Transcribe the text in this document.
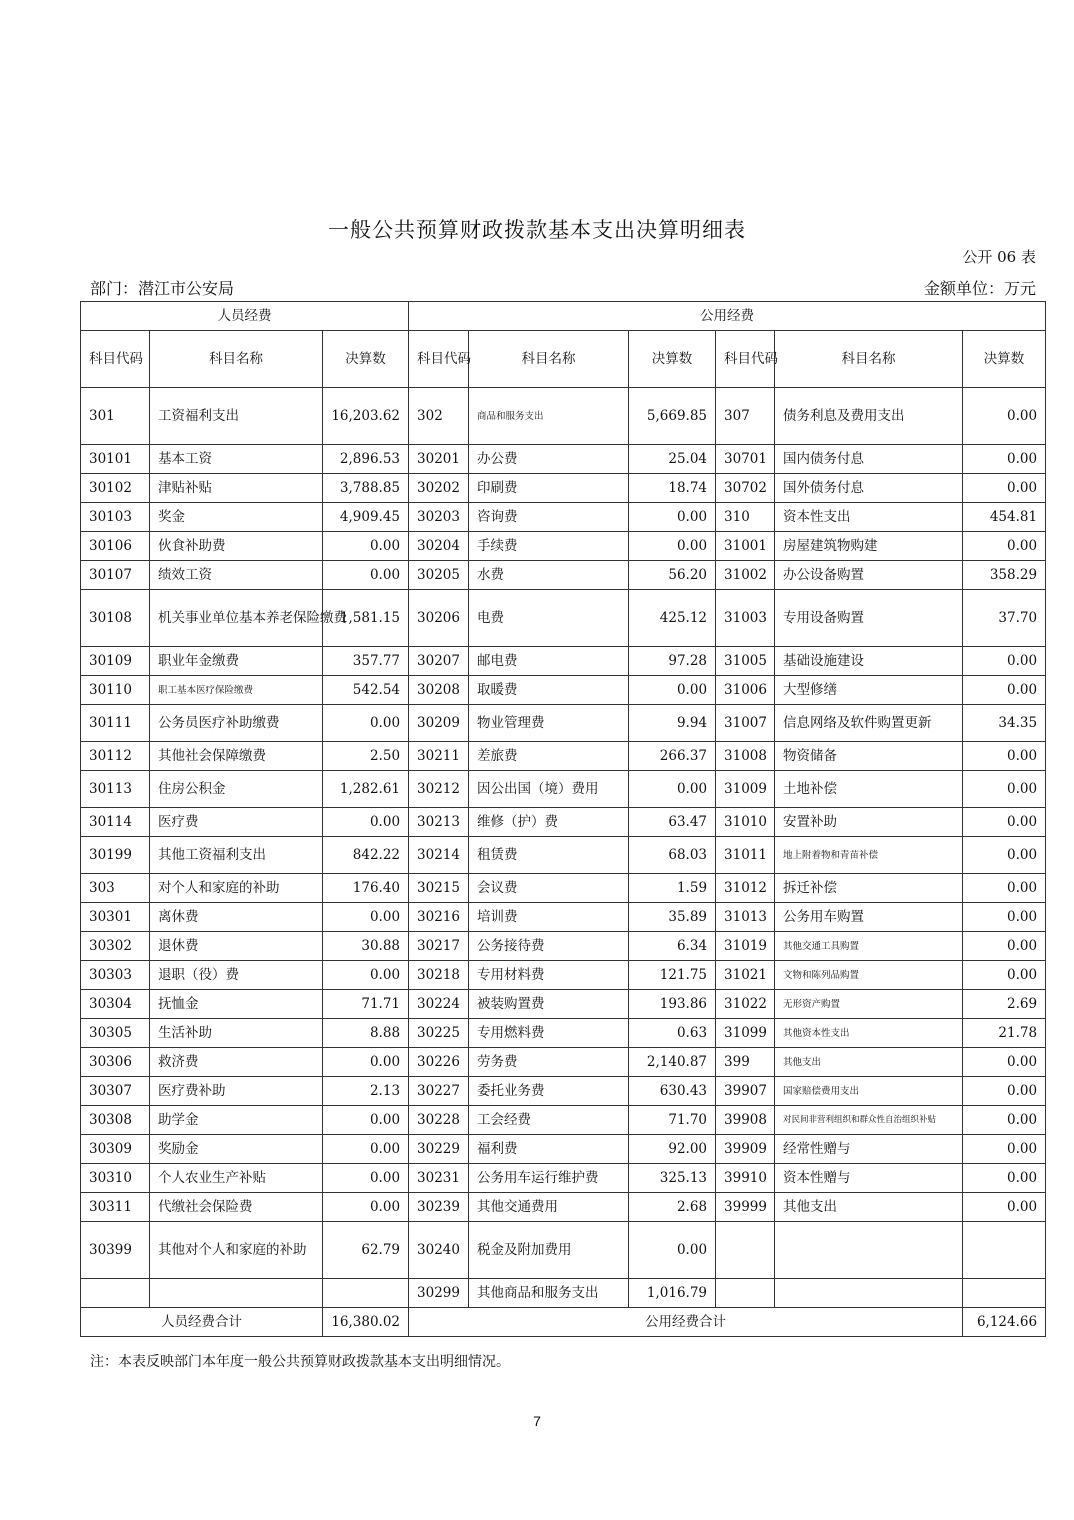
一般公共预算财政拨款基本支出决算明细表
公开 06 表
部门：潜江市公安局	金额单位：万元
人员经费			公用经费					
科目代码	科目名称	决算数	科目代码	科目名称	决算数	科目代码	科目名称	决算数
301	工资福利支出	16,203.62	302	商品和服务支出	5,669.85	307	债务利息及费用支出	0.00
30101	基本工资	2,896.53	30201	办公费	25.04	30701	国内债务付息	0.00
30102	津贴补贴	3,788.85	30202	印刷费	18.74	30702	国外债务付息	0.00
30103	奖金	4,909.45	30203	咨询费	0.00	310	资本性支出	454.81
30106	伙食补助费	0.00	30204	手续费	0.00	31001	房屋建筑物购建	0.00
30107	绩效工资	0.00	30205	水费	56.20	31002	办公设备购置	358.29
30108	机关事业单位基本养老保险缴费	1,581.15	30206	电费	425.12	31003	专用设备购置	37.70
30109	职业年金缴费	357.77	30207	邮电费	97.28	31005	基础设施建设	0.00
30110	职工基本医疗保险缴费	542.54	30208	取暖费	0.00	31006	大型修缮	0.00
30111	公务员医疗补助缴费	0.00	30209	物业管理费	9.94	31007	信息网络及软件购置更新	34.35
30112	其他社会保障缴费	2.50	30211	差旅费	266.37	31008	物资储备	0.00
30113	住房公积金	1,282.61	30212	因公出国（境）费用	0.00	31009	土地补偿	0.00
30114	医疗费	0.00	30213	维修（护）费	63.47	31010	安置补助	0.00
30199	其他工资福利支出	842.22	30214	租赁费	68.03	31011	地上附着物和青苗补偿	0.00
303	对个人和家庭的补助	176.40	30215	会议费	1.59	31012	拆迁补偿	0.00
30301	离休费	0.00	30216	培训费	35.89	31013	公务用车购置	0.00
30302	退休费	30.88	30217	公务接待费	6.34	31019	其他交通工具购置	0.00
30303	退职（役）费	0.00	30218	专用材料费	121.75	31021	文物和陈列品购置	0.00
30304	抚恤金	71.71	30224	被装购置费	193.86	31022	无形资产购置	2.69
30305	生活补助	8.88	30225	专用燃料费	0.63	31099	其他资本性支出	21.78
30306	救济费	0.00	30226	劳务费	2,140.87	399	其他支出	0.00
30307	医疗费补助	2.13	30227	委托业务费	630.43	39907	国家赔偿费用支出	0.00
30308	助学金	0.00	30228	工会经费	71.70	39908	对民间非营利组织和群众性自治组织补贴	0.00
30309	奖励金	0.00	30229	福利费	92.00	39909	经常性赠与	0.00
30310	个人农业生产补贴	0.00	30231	公务用车运行维护费	325.13	39910	资本性赠与	0.00
30311	代缴社会保险费	0.00	30239	其他交通费用	2.68	39999	其他支出	0.00
30399	其他对个人和家庭的补助	62.79	30240	税金及附加费用	0.00			
			30299	其他商品和服务支出	1,016.79			
人员经费合计		16,380.02	公用经费合计					6,124.66
注：本表反映部门本年度一般公共预算财政拨款基本支出明细情况。
7
